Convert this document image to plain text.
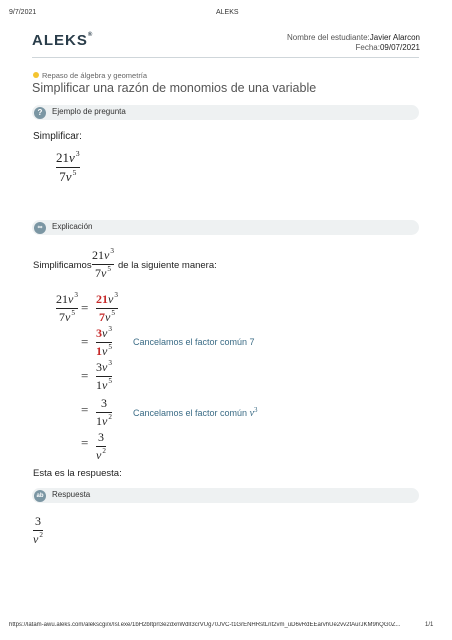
9/7/2021	ALEKS
ALEKS®	Nombre del estudiante:Javier Alarcon
Fecha:09/07/2021
Repaso de álgebra y geometría
Simplificar una razón de monomios de una variable
?	Ejemplo de pregunta
Simplificar:
21 $v^3$
7 $v^5$
∞	Explicación
Simplificamos
21 $v^3$
7 $v^5$ de la siguiente manera:
21 $v^3$
7 $v^5$ =
21 $v^3$
7 $v^5$
=
3 $v^3$
1 $v^5$ Cancelamos el factor común 7
=
3 $v^3$
1 $v^5$
= 3
1 $v^2$ Cancelamos el factor común $v^3$
= 3
$v^2$
Esta es la respuesta:
ab	Respuesta
3
$v^2$
https://latam-awu.aleks.com/alekscgi/x/Isl.exe/1bH2bItprl3e2dxnWdlI3crVUg70JVC-t1GrENHRstLnt2vm_uD6vRdEEarvhUe2vv2tAurJKM9hQG0Z...	1/1
